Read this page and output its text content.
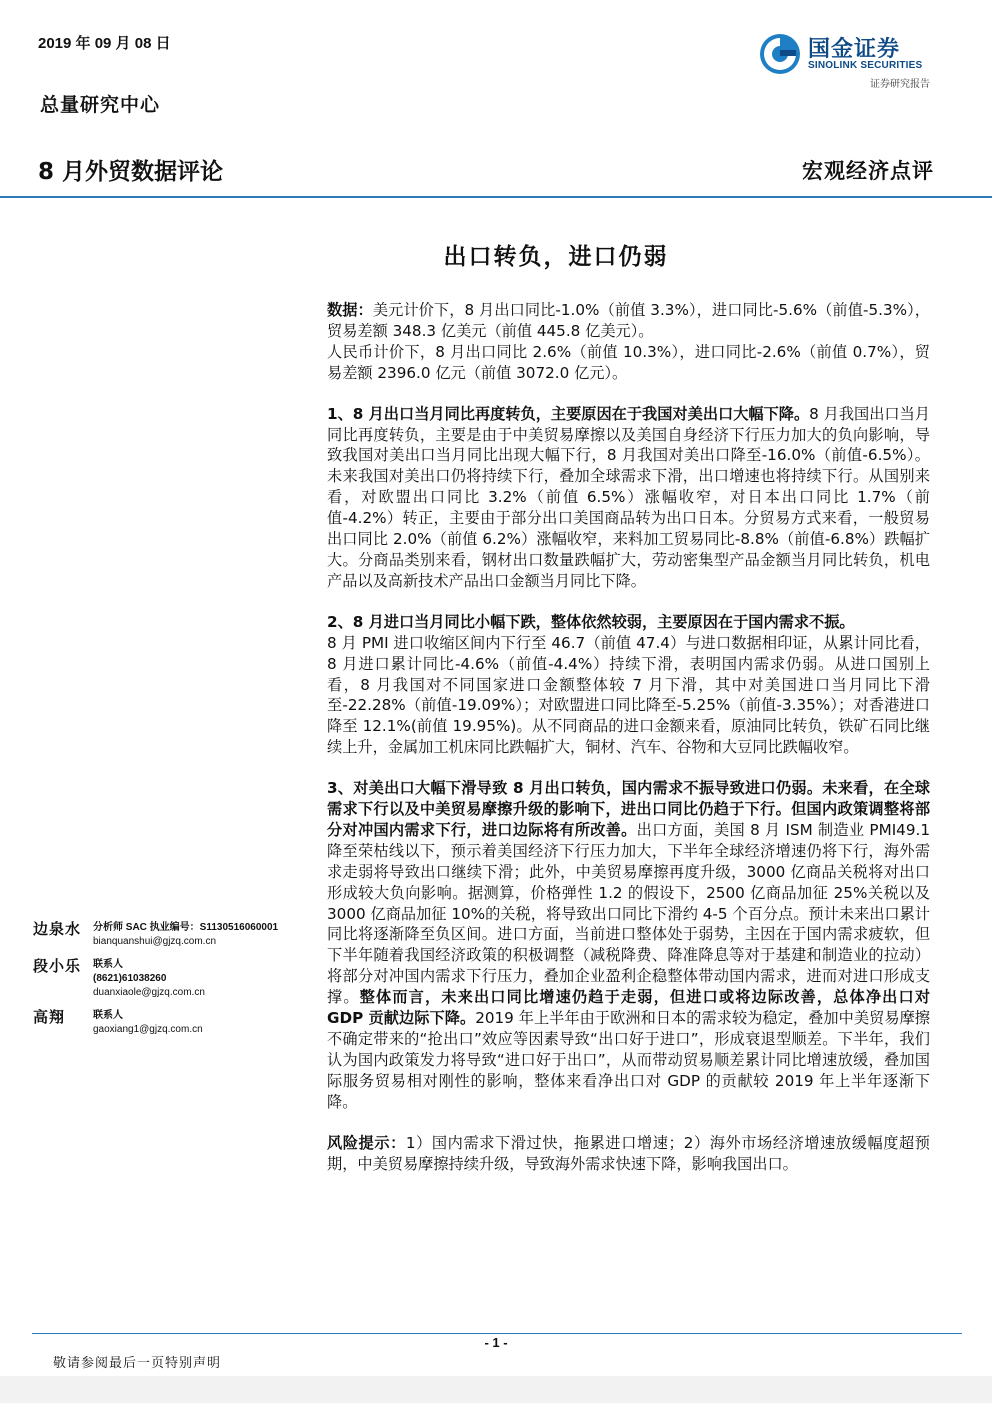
2019 年 09 月 08 日
总量研究中心
国金证券
SINOLINK SECURITIES
证券研究报告
8 月外贸数据评论	宏观经济点评
出口转负，进口仍弱

数据：美元计价下，8 月出口同比-1.0%（前值 3.3%），进口同比-5.6%（前值-5.3%），贸易差额 348.3 亿美元（前值 445.8 亿美元）。

人民币计价下，8 月出口同比 2.6%（前值 10.3%），进口同比-2.6%（前值 0.7%），贸易差额 2396.0 亿元（前值 3072.0 亿元）。

1、8 月出口当月同比再度转负，主要原因在于我国对美出口大幅下降。8 月我国出口当月同比再度转负，主要是由于中美贸易摩擦以及美国自身经济下行压力加大的负向影响，导致我国对美出口当月同比出现大幅下行，8 月我国对美出口降至-16.0%（前值-6.5%）。未来我国对美出口仍将持续下行，叠加全球需求下滑，出口增速也将持续下行。从国别来看，对欧盟出口同比 3.2%（前值 6.5%）涨幅收窄，对日本出口同比 1.7%（前值-4.2%）转正，主要由于部分出口美国商品转为出口日本。分贸易方式来看，一般贸易出口同比 2.0%（前值 6.2%）涨幅收窄，来料加工贸易同比-8.8%（前值-6.8%）跌幅扩大。分商品类别来看，钢材出口数量跌幅扩大，劳动密集型产品金额当月同比转负，机电产品以及高新技术产品出口金额当月同比下降。

2、8 月进口当月同比小幅下跌，整体依然较弱，主要原因在于国内需求不振。
8 月 PMI 进口收缩区间内下行至 46.7（前值 47.4）与进口数据相印证，从累计同比看，8 月进口累计同比-4.6%（前值-4.4%）持续下滑，表明国内需求仍弱。从进口国别上看，8 月我国对不同国家进口金额整体较 7 月下滑，其中对美国进口当月同比下滑至-22.28%（前值-19.09%）；对欧盟进口同比降至-5.25%（前值-3.35%）；对香港进口降至 12.1%(前值 19.95%)。从不同商品的进口金额来看，原油同比转负，铁矿石同比继续上升，金属加工机床同比跌幅扩大，铜材、汽车、谷物和大豆同比跌幅收窄。

3、对美出口大幅下滑导致 8 月出口转负，国内需求不振导致进口仍弱。未来看，在全球需求下行以及中美贸易摩擦升级的影响下，进出口同比仍趋于下行。但国内政策调整将部分对冲国内需求下行，进口边际将有所改善。出口方面，美国 8 月 ISM 制造业 PMI49.1 降至荣枯线以下，预示着美国经济下行压力加大，下半年全球经济增速仍将下行，海外需求走弱将导致出口继续下滑；此外，中美贸易摩擦再度升级，3000 亿商品关税将对出口形成较大负向影响。据测算，价格弹性 1.2 的假设下，2500 亿商品加征 25%关税以及 3000 亿商品加征 10%的关税，将导致出口同比下滑约 4-5 个百分点。预计未来出口累计同比将逐渐降至负区间。进口方面，当前进口整体处于弱势，主因在于国内需求疲软，但下半年随着我国经济政策的积极调整（减税降费、降准降息等对于基建和制造业的拉动）将部分对冲国内需求下行压力，叠加企业盈利企稳整体带动国内需求，进而对进口形成支撑。整体而言，未来出口同比增速仍趋于走弱，但进口或将边际改善，总体净出口对 GDP 贡献边际下降。2019 年上半年由于欧洲和日本的需求较为稳定，叠加中美贸易摩擦不确定带来的“抢出口”效应等因素导致“出口好于进口”，形成衰退型顺差。下半年，我们认为国内政策发力将导致“进口好于出口”，从而带动贸易顺差累计同比增速放缓，叠加国际服务贸易相对刚性的影响，整体来看净出口对 GDP 的贡献较 2019 年上半年逐渐下降。

风险提示：1）国内需求下滑过快，拖累进口增速；2）海外市场经济增速放缓幅度超预期，中美贸易摩擦持续升级，导致海外需求快速下降，影响我国出口。

边泉水 分析师 SAC 执业编号：S1130516060001
bianquanshui@gjzq.com.cn
段小乐 联系人
(8621)61038260
duanxiaole@gjzq.com.cn
高翔	联系人
gaoxiang1@gjzq.com.cn
- 1 -
敬请参阅最后一页特别声明
